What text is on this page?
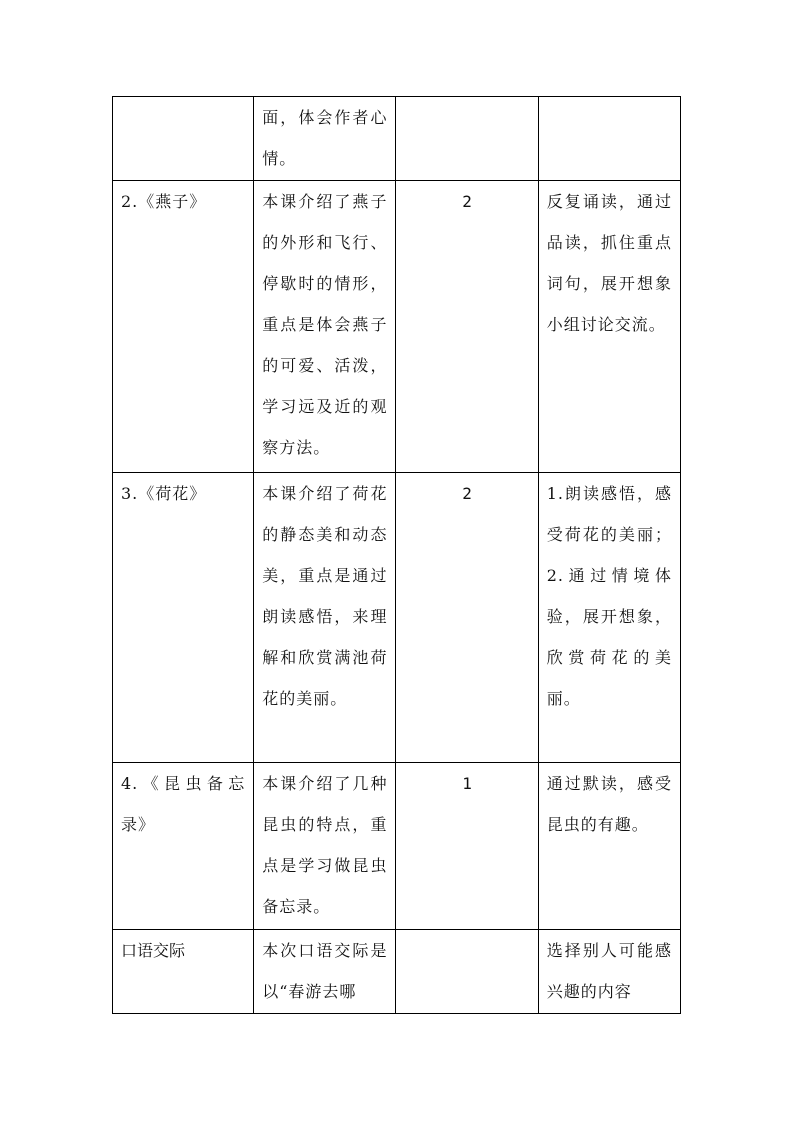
	面，体会作者心情。		

2.《燕子》	本课介绍了燕子的外形和飞行、停歇时的情形，重点是体会燕子的可爱、活泼，学习远及近的观察方法。	2	反复诵读，通过品读，抓住重点词句，展开想象小组讨论交流。

3.《荷花》	本课介绍了荷花的静态美和动态美，重点是通过朗读感悟，来理解和欣赏满池荷花的美丽。	2	1.朗读感悟，感受荷花的美丽；2.通过情境体验，展开想象，欣赏荷花的美丽。

4.《昆虫备忘录》	本课介绍了几种昆虫的特点，重点是学习做昆虫备忘录。	1	通过默读，感受昆虫的有趣。

口语交际	本次口语交际是以“春游去哪		选择别人可能感兴趣的内容
